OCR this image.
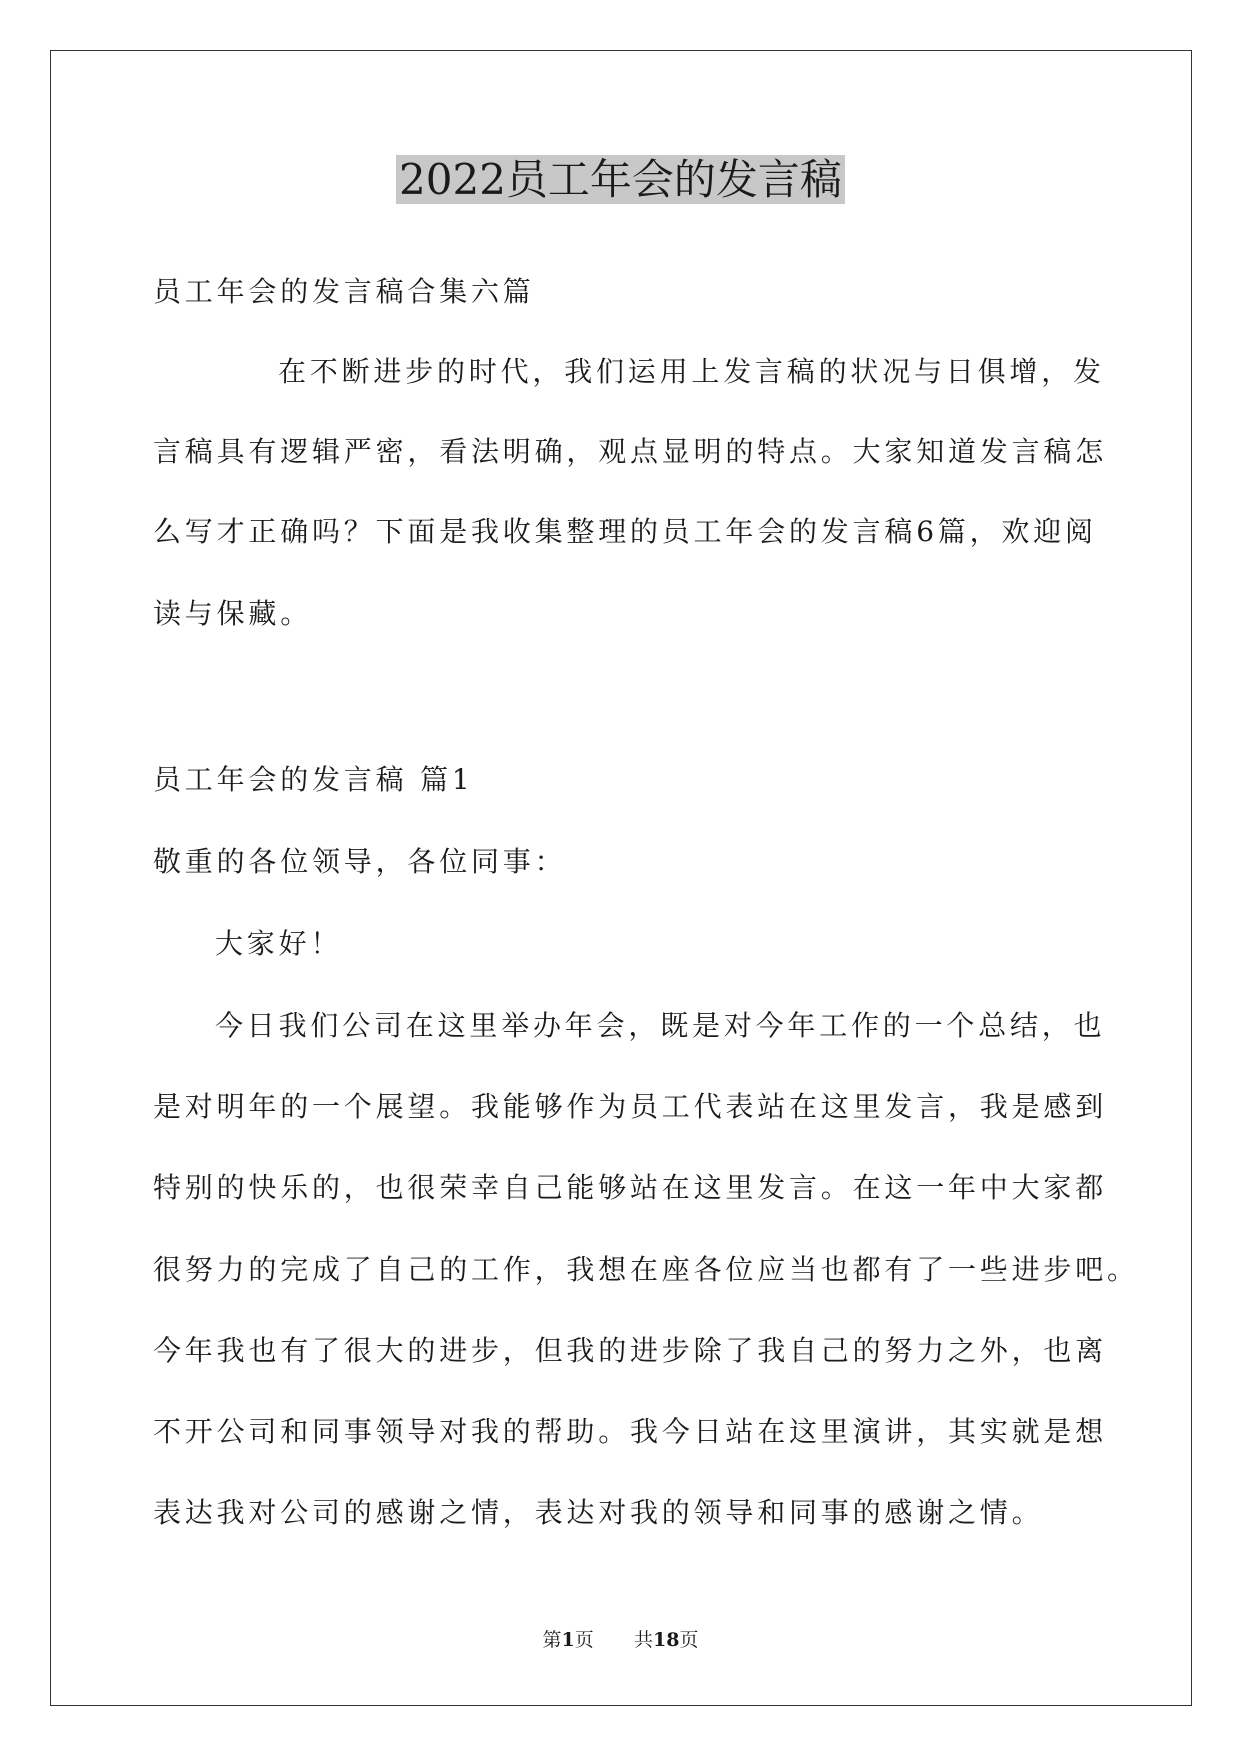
2022员工年会的发言稿
员工年会的发言稿合集六篇
在不断进步的时代，我们运用上发言稿的状况与日俱增，发
言稿具有逻辑严密，看法明确，观点显明的特点。大家知道发言稿怎
么写才正确吗？下面是我收集整理的员工年会的发言稿6篇，欢迎阅
读与保藏。
员工年会的发言稿 篇1
敬重的各位领导，各位同事：
大家好！
今日我们公司在这里举办年会，既是对今年工作的一个总结，也
是对明年的一个展望。我能够作为员工代表站在这里发言，我是感到
特别的快乐的，也很荣幸自己能够站在这里发言。在这一年中大家都
很努力的完成了自己的工作，我想在座各位应当也都有了一些进步吧。
今年我也有了很大的进步，但我的进步除了我自己的努力之外，也离
不开公司和同事领导对我的帮助。我今日站在这里演讲，其实就是想
表达我对公司的感谢之情，表达对我的领导和同事的感谢之情。
第1页 共18页
